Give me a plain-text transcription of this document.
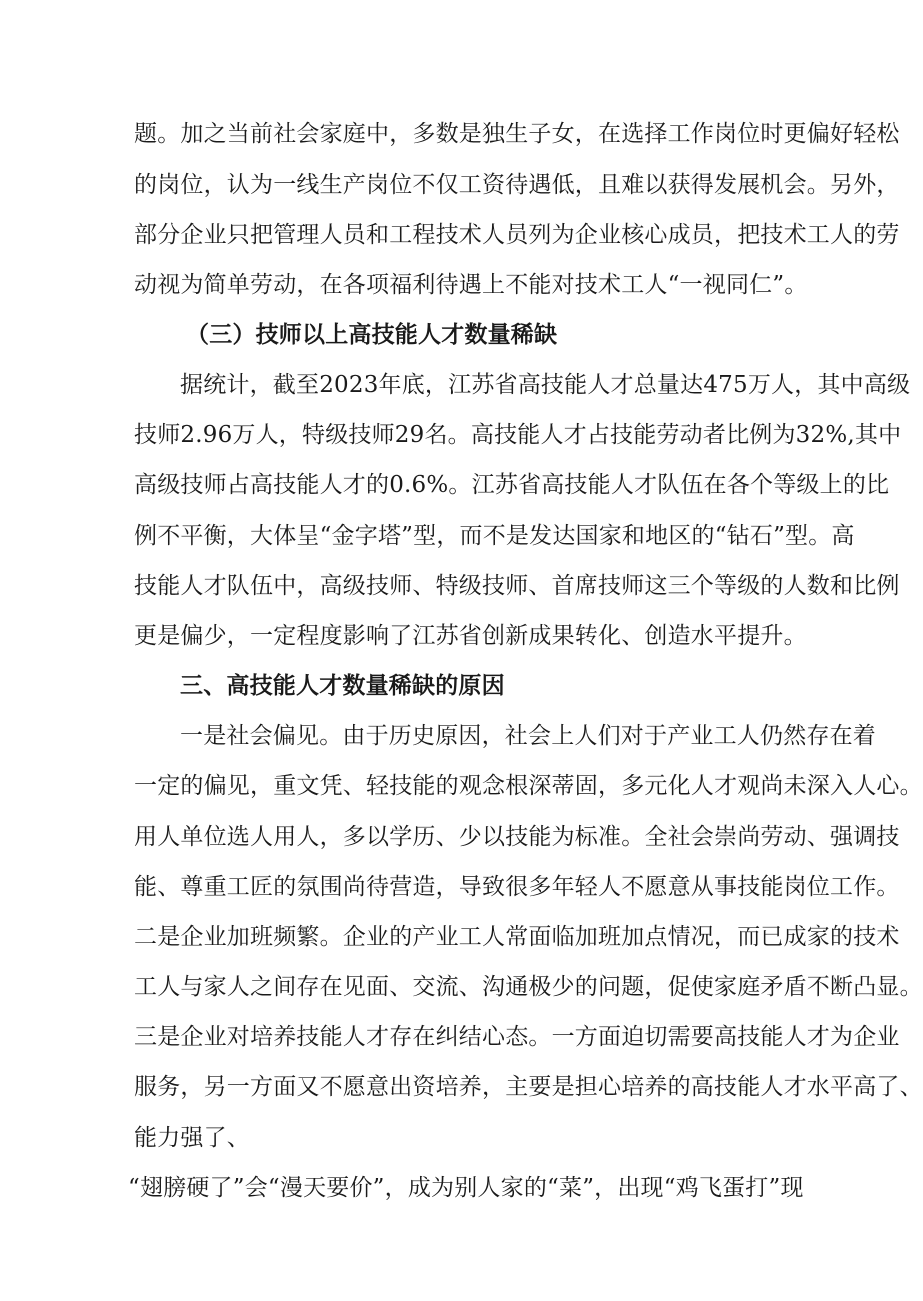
题。加之当前社会家庭中，多数是独生子女，在选择工作岗位时更偏好轻松
的岗位，认为一线生产岗位不仅工资待遇低，且难以获得发展机会。另外，
部分企业只把管理人员和工程技术人员列为企业核心成员，把技术工人的劳
动视为简单劳动，在各项福利待遇上不能对技术工人“一视同仁”。
（三）技师以上高技能人才数量稀缺
据统计，截至2023年底，江苏省高技能人才总量达475万人，其中高级
技师2.96万人，特级技师29名。高技能人才占技能劳动者比例为32%,其中
高级技师占高技能人才的0.6%。江苏省高技能人才队伍在各个等级上的比
例不平衡，大体呈“金字塔”型，而不是发达国家和地区的“钻石”型。高
技能人才队伍中，高级技师、特级技师、首席技师这三个等级的人数和比例
更是偏少，一定程度影响了江苏省创新成果转化、创造水平提升。
三、高技能人才数量稀缺的原因
一是社会偏见。由于历史原因，社会上人们对于产业工人仍然存在着
一定的偏见，重文凭、轻技能的观念根深蒂固，多元化人才观尚未深入人心。
用人单位选人用人，多以学历、少以技能为标准。全社会崇尚劳动、强调技
能、尊重工匠的氛围尚待营造，导致很多年轻人不愿意从事技能岗位工作。
二是企业加班频繁。企业的产业工人常面临加班加点情况，而已成家的技术
工人与家人之间存在见面、交流、沟通极少的问题，促使家庭矛盾不断凸显。
三是企业对培养技能人才存在纠结心态。一方面迫切需要高技能人才为企业
服务，另一方面又不愿意出资培养，主要是担心培养的高技能人才水平高了、
能力强了、
“翅膀硬了”会“漫天要价”，成为别人家的“菜”，出现“鸡飞蛋打”现
